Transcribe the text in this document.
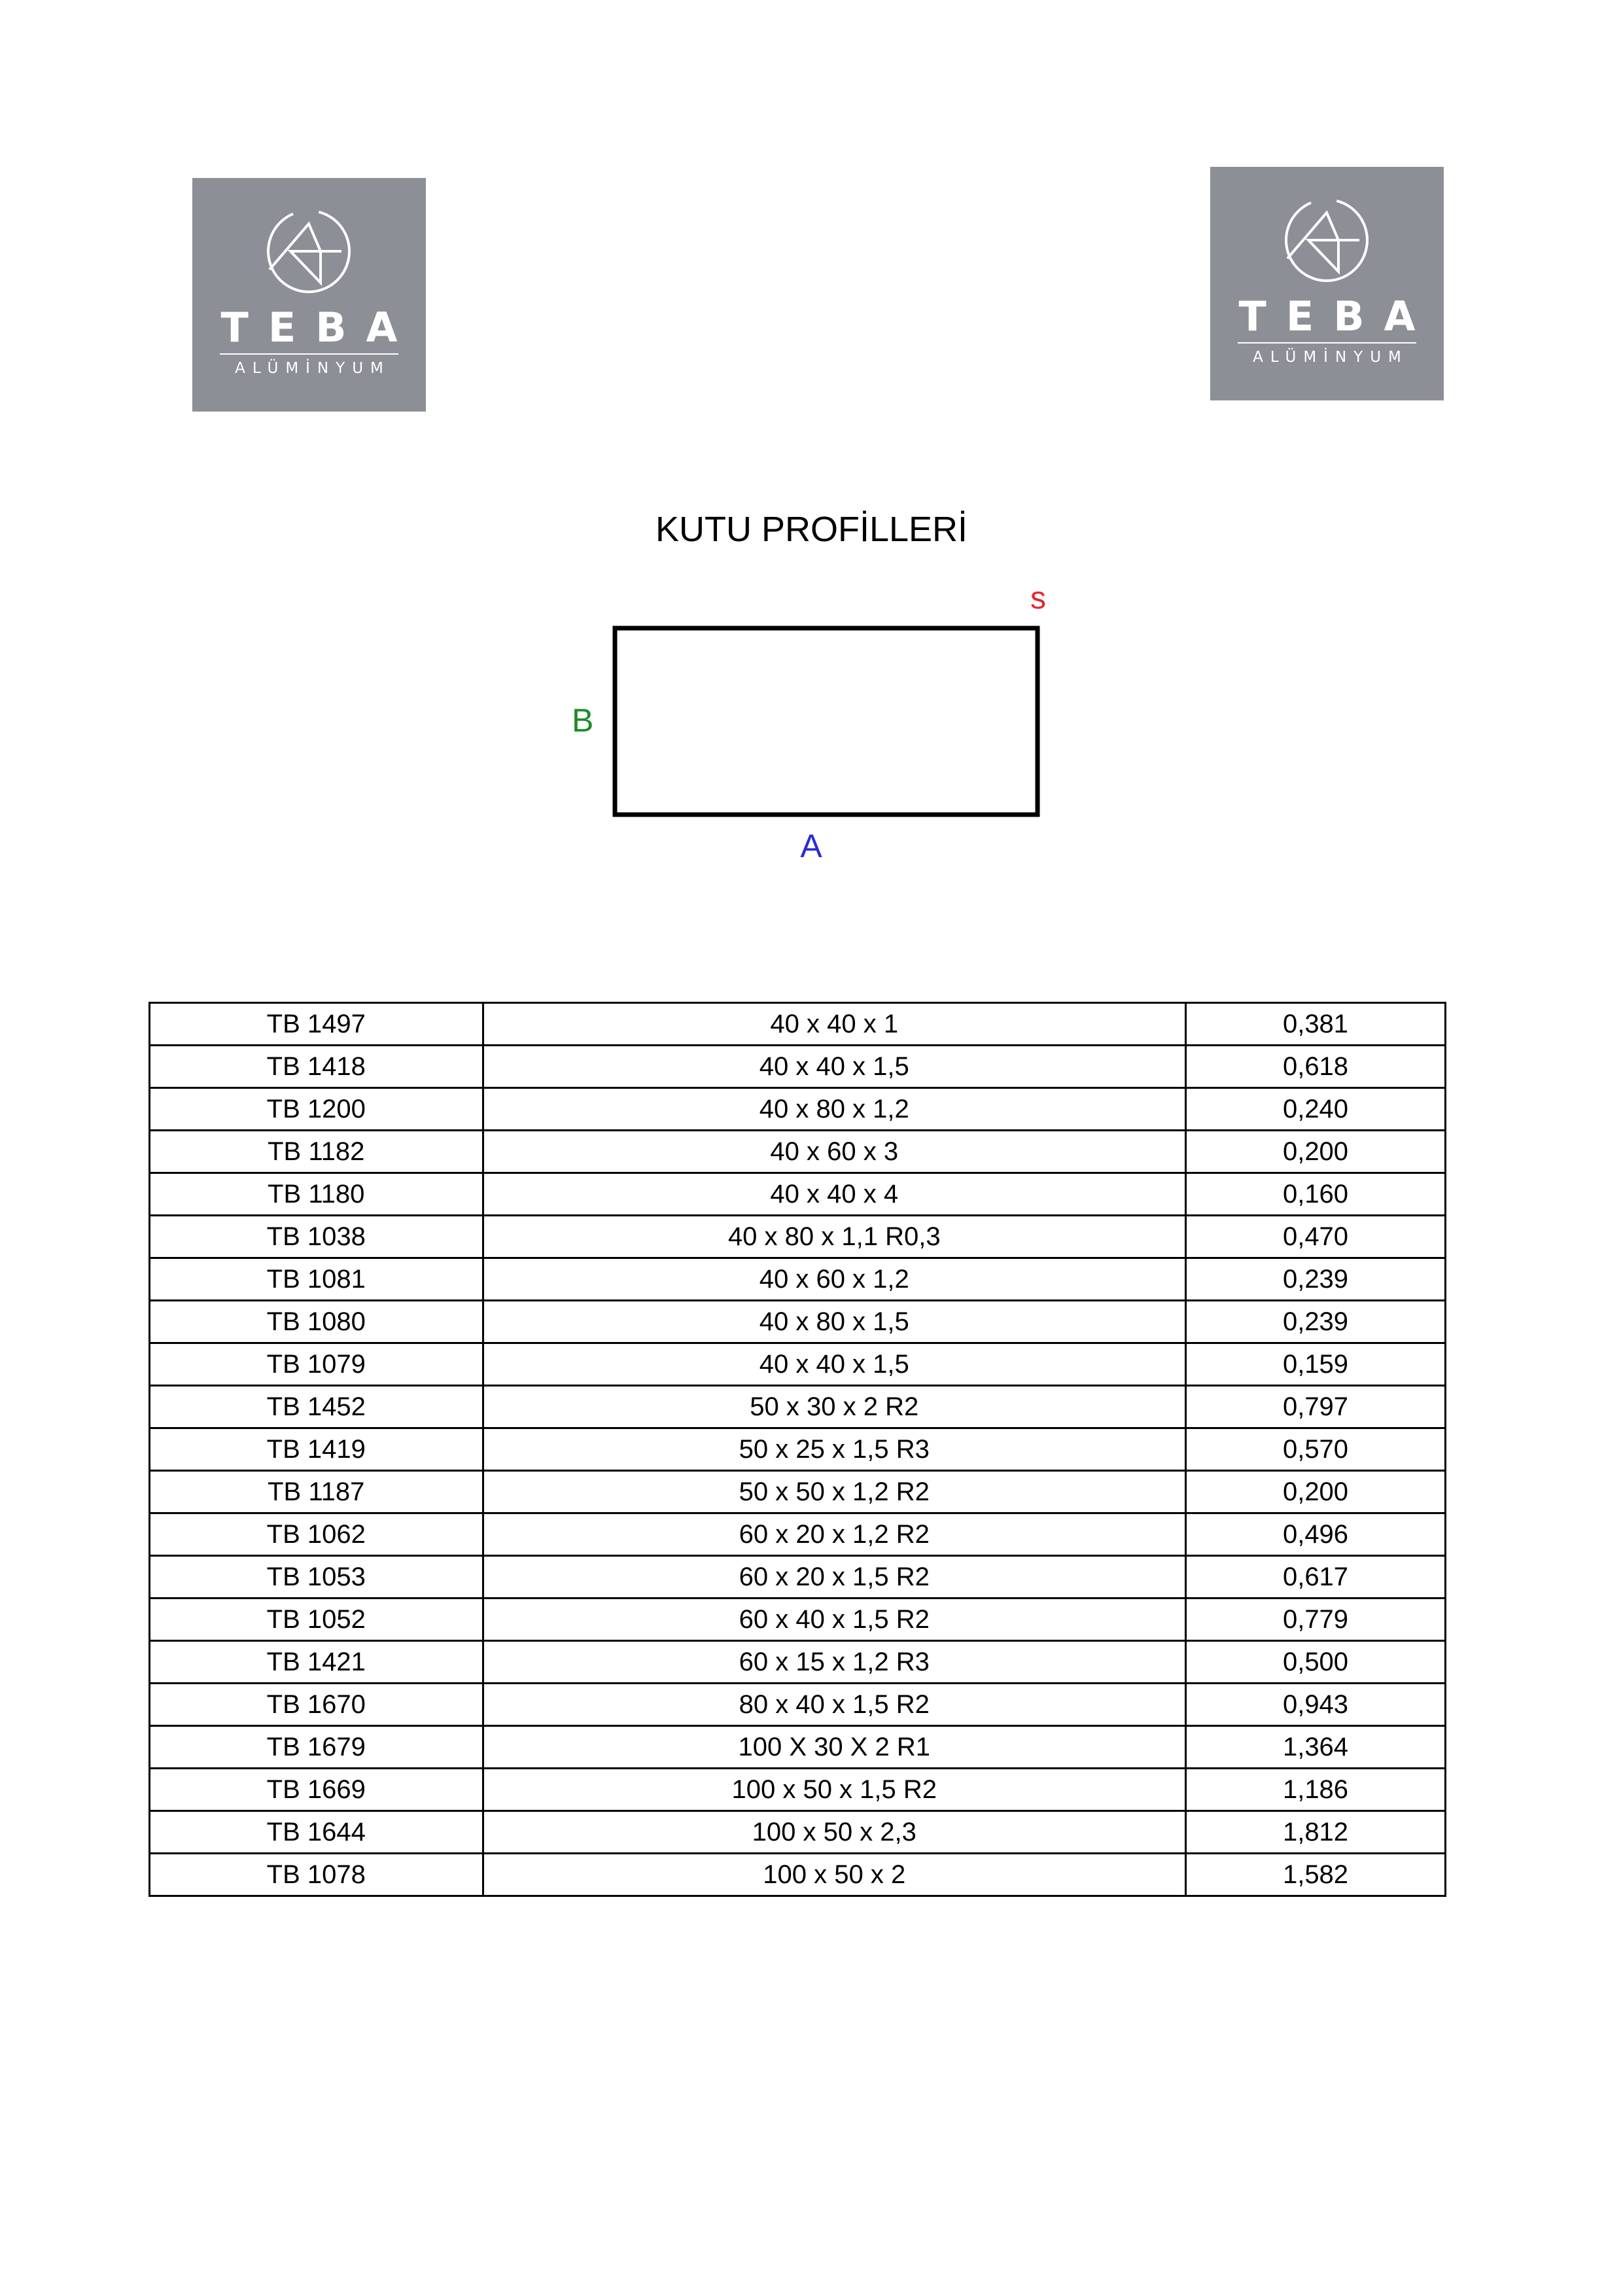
TEBA
ALÜMİNYUM
TEBA
ALÜMİNYUM
KUTU PROFİLLERİ
s
B
A
TB 1497	40 x 40 x 1	0,381
TB 1418	40 x 40 x 1,5	0,618
TB 1200	40 x 80 x 1,2	0,240
TB 1182	40 x 60 x 3	0,200
TB 1180	40 x 40 x 4	0,160
TB 1038	40 x 80 x 1,1 R0,3	0,470
TB 1081	40 x 60 x 1,2	0,239
TB 1080	40 x 80 x 1,5	0,239
TB 1079	40 x 40 x 1,5	0,159
TB 1452	50 x 30 x 2 R2	0,797
TB 1419	50 x 25 x 1,5 R3	0,570
TB 1187	50 x 50 x 1,2 R2	0,200
TB 1062	60 x 20 x 1,2 R2	0,496
TB 1053	60 x 20 x 1,5 R2	0,617
TB 1052	60 x 40 x 1,5 R2	0,779
TB 1421	60 x 15 x 1,2 R3	0,500
TB 1670	80 x 40 x 1,5 R2	0,943
TB 1679	100 X 30 X 2 R1	1,364
TB 1669	100 x 50 x 1,5 R2	1,186
TB 1644	100 x 50 x 2,3	1,812
TB 1078	100 x 50 x 2	1,582
